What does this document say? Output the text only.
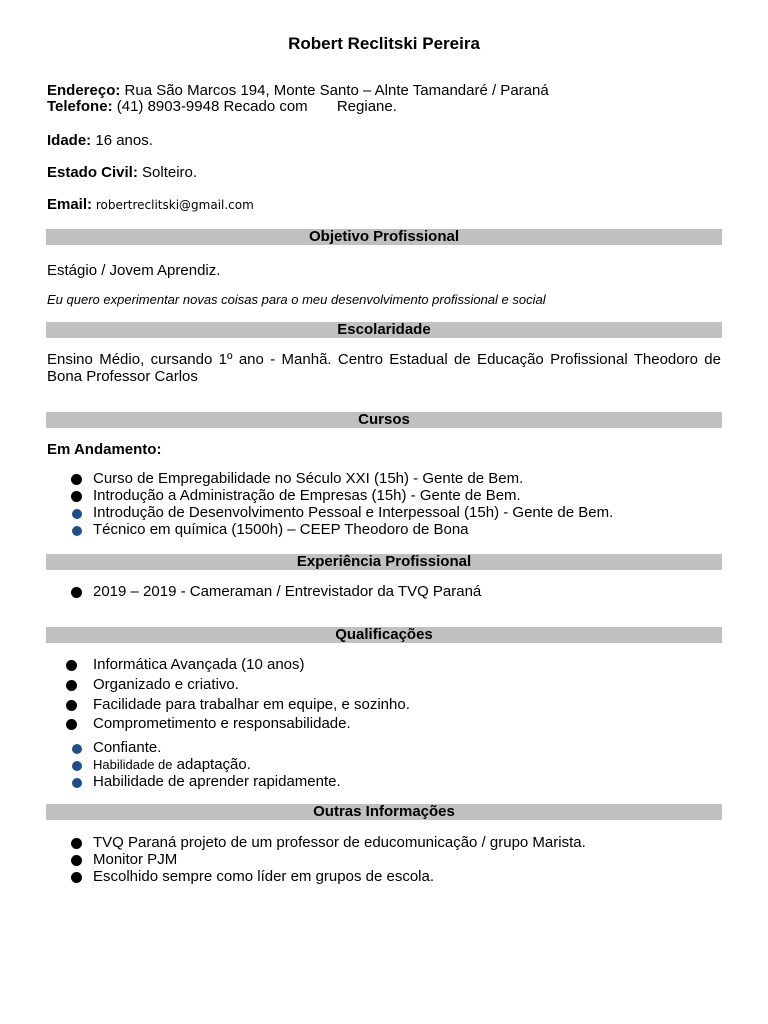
Robert Reclitski Pereira
Endereço: Rua São Marcos 194, Monte Santo – Alnte Tamandaré / Paraná
Telefone: (41) 8903-9948 Recado com       Regiane.
Idade: 16 anos.
Estado Civil: Solteiro.
Email: robertreclitski@gmail.com
Objetivo Profissional
Estágio / Jovem Aprendiz.
Eu quero experimentar novas coisas para o meu desenvolvimento profissional e social
Escolaridade
Ensino Médio, cursando 1º ano - Manhã. Centro Estadual de Educação Profissional Theodoro de Bona Professor Carlos
Cursos
Em Andamento:
Curso de Empregabilidade no Século XXI (15h) - Gente de Bem.
Introdução a Administração de Empresas (15h) - Gente de Bem.
Introdução de Desenvolvimento Pessoal e Interpessoal (15h) - Gente de Bem.
Técnico em química (1500h) – CEEP Theodoro de Bona
Experiência Profissional
2019 – 2019 - Cameraman / Entrevistador da TVQ Paraná
Qualificações
Informática Avançada (10 anos)
Organizado e criativo.
Facilidade para trabalhar em equipe, e sozinho.
Comprometimento e responsabilidade.
Confiante.
Habilidade de adaptação.
Habilidade de aprender rapidamente.
Outras Informações
TVQ Paraná projeto de um professor de educomunicação / grupo Marista.
Monitor PJM
Escolhido sempre como líder em grupos de escola.
